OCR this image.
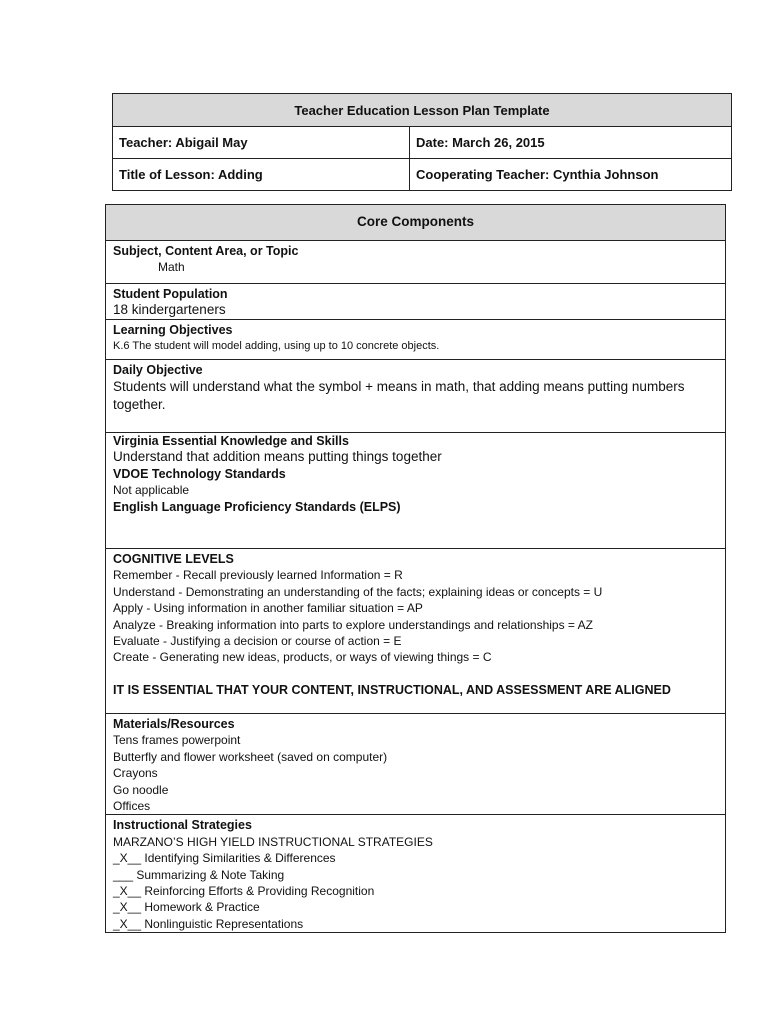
Teacher Education Lesson Plan Template	
Teacher: Abigail May	Date: March 26, 2015
Title of Lesson: Adding	Cooperating Teacher: Cynthia Johnson
Core Components

Subject, Content Area, or Topic
Math

Student Population
18 kindergarteners

Learning Objectives
K.6 The student will model adding, using up to 10 concrete objects.

Daily Objective
Students will understand what the symbol + means in math, that adding means putting numbers together.

Virginia Essential Knowledge and Skills
Understand that addition means putting things together
VDOE Technology Standards
Not applicable
English Language Proficiency Standards (ELPS)

COGNITIVE LEVELS
Remember - Recall previously learned Information = R
Understand - Demonstrating an understanding of the facts; explaining ideas or concepts = U
Apply - Using information in another familiar situation = AP
Analyze - Breaking information into parts to explore understandings and relationships = AZ
Evaluate - Justifying a decision or course of action = E
Create - Generating new ideas, products, or ways of viewing things = C
IT IS ESSENTIAL THAT YOUR CONTENT, INSTRUCTIONAL, AND ASSESSMENT ARE ALIGNED

Materials/Resources
Tens frames powerpoint
Butterfly and flower worksheet (saved on computer)
Crayons
Go noodle
Offices

Instructional Strategies
MARZANO’S HIGH YIELD INSTRUCTIONAL STRATEGIES
_X__ Identifying Similarities & Differences
___ Summarizing & Note Taking
_X__ Reinforcing Efforts & Providing Recognition
_X__ Homework & Practice
_X__ Nonlinguistic Representations
